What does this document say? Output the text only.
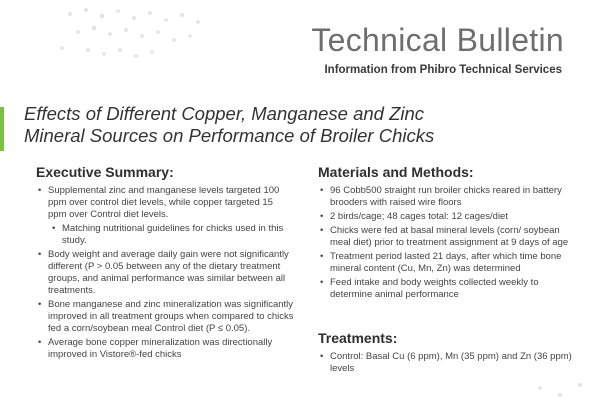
Technical Bulletin
Information from Phibro Technical Services
Effects of Different Copper, Manganese and Zinc
Mineral Sources on Performance of Broiler Chicks
Executive Summary:
• Supplemental zinc and manganese levels targeted 100 ppm over control diet levels, while copper targeted 15 ppm over Control diet levels.
• Matching nutritional guidelines for chicks used in this study.
• Body weight and average daily gain were not significantly different (P > 0.05 between any of the dietary treatment groups, and animal performance was similar between all treatments.
• Bone manganese and zinc mineralization was significantly improved in all treatment groups when compared to chicks fed a corn/soybean meal Control diet (P ≤ 0.05).
• Average bone copper mineralization was directionally improved in Vistore®-fed chicks
Materials and Methods:
• 96 Cobb500 straight run broiler chicks reared in battery brooders with raised wire floors
• 2 birds/cage; 48 cages total: 12 cages/diet
• Chicks were fed at basal mineral levels (corn/ soybean meal diet) prior to treatment assignment at 9 days of age
• Treatment period lasted 21 days, after which time bone mineral content (Cu, Mn, Zn) was determined
• Feed intake and body weights collected weekly to determine animal performance
Treatments:
• Control: Basal Cu (6 ppm), Mn (35 ppm) and Zn (36 ppm) levels
